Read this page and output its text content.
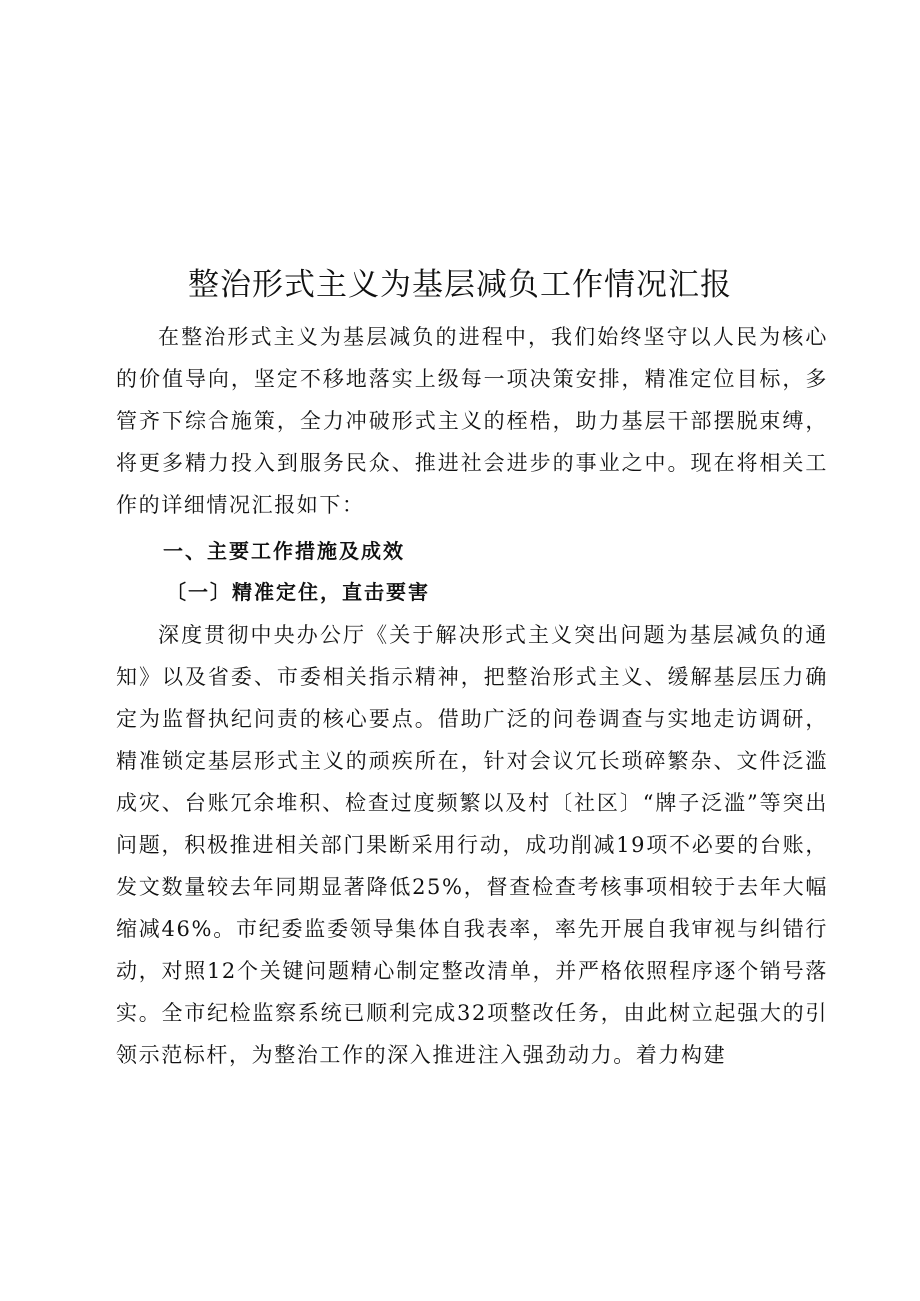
整治形式主义为基层减负工作情况汇报

在整治形式主义为基层减负的进程中，我们始终坚守以人民为核心的价值导向，坚定不移地落实上级每一项决策安排，精准定位目标，多管齐下综合施策，全力冲破形式主义的桎梏，助力基层干部摆脱束缚，将更多精力投入到服务民众、推进社会进步的事业之中。现在将相关工作的详细情况汇报如下：

一、主要工作措施及成效
〔一〕精准定住，直击要害

深度贯彻中央办公厅《关于解决形式主义突出问题为基层减负的通知》以及省委、市委相关指示精神，把整治形式主义、缓解基层压力确定为监督执纪问责的核心要点。借助广泛的问卷调查与实地走访调研，精准锁定基层形式主义的顽疾所在，针对会议冗长琐碎繁杂、文件泛滥成灾、台账冗余堆积、检查过度频繁以及村〔社区〕“牌子泛滥”等突出问题，积极推进相关部门果断采用行动，成功削减19项不必要的台账，发文数量较去年同期显著降低25%，督查检查考核事项相较于去年大幅缩减46%。市纪委监委领导集体自我表率，率先开展自我审视与纠错行动，对照12个关键问题精心制定整改清单，并严格依照程序逐个销号落实。全市纪检监察系统已顺利完成32项整改任务，由此树立起强大的引领示范标杆，为整治工作的深入推进注入强劲动力。着力构建
